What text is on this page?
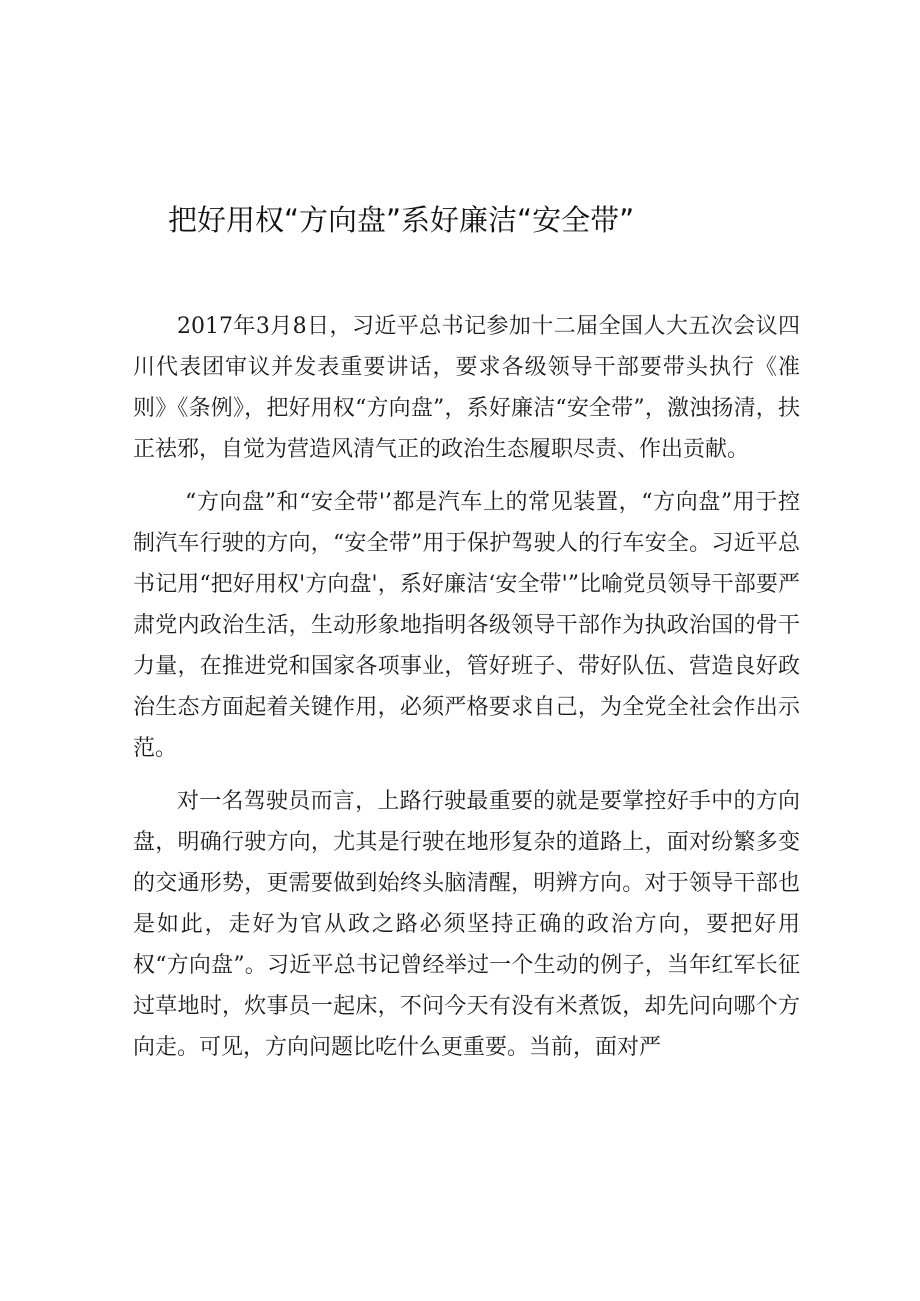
把好用权“方向盘”系好廉洁“安全带”

2017年3月8日，习近平总书记参加十二届全国人大五次会议四川代表团审议并发表重要讲话，要求各级领导干部要带头执行《准则》《条例》，把好用权“方向盘”，系好廉洁“安全带”，激浊扬清，扶正祛邪，自觉为营造风清气正的政治生态履职尽责、作出贡献。

“方向盘”和“安全带'’都是汽车上的常见装置，“方向盘”用于控制汽车行驶的方向，“安全带”用于保护驾驶人的行车安全。习近平总书记用“把好用权'方向盘'，系好廉洁‘安全带'”比喻党员领导干部要严肃党内政治生活，生动形象地指明各级领导干部作为执政治国的骨干力量，在推进党和国家各项事业，管好班子、带好队伍、营造良好政治生态方面起着关键作用，必须严格要求自己，为全党全社会作出示范。

对一名驾驶员而言，上路行驶最重要的就是要掌控好手中的方向盘，明确行驶方向，尤其是行驶在地形复杂的道路上，面对纷繁多变的交通形势，更需要做到始终头脑清醒，明辨方向。对于领导干部也是如此，走好为官从政之路必须坚持正确的政治方向，要把好用权“方向盘”。习近平总书记曾经举过一个生动的例子，当年红军长征过草地时，炊事员一起床，不问今天有没有米煮饭，却先问向哪个方向走。可见，方向问题比吃什么更重要。当前，面对严
